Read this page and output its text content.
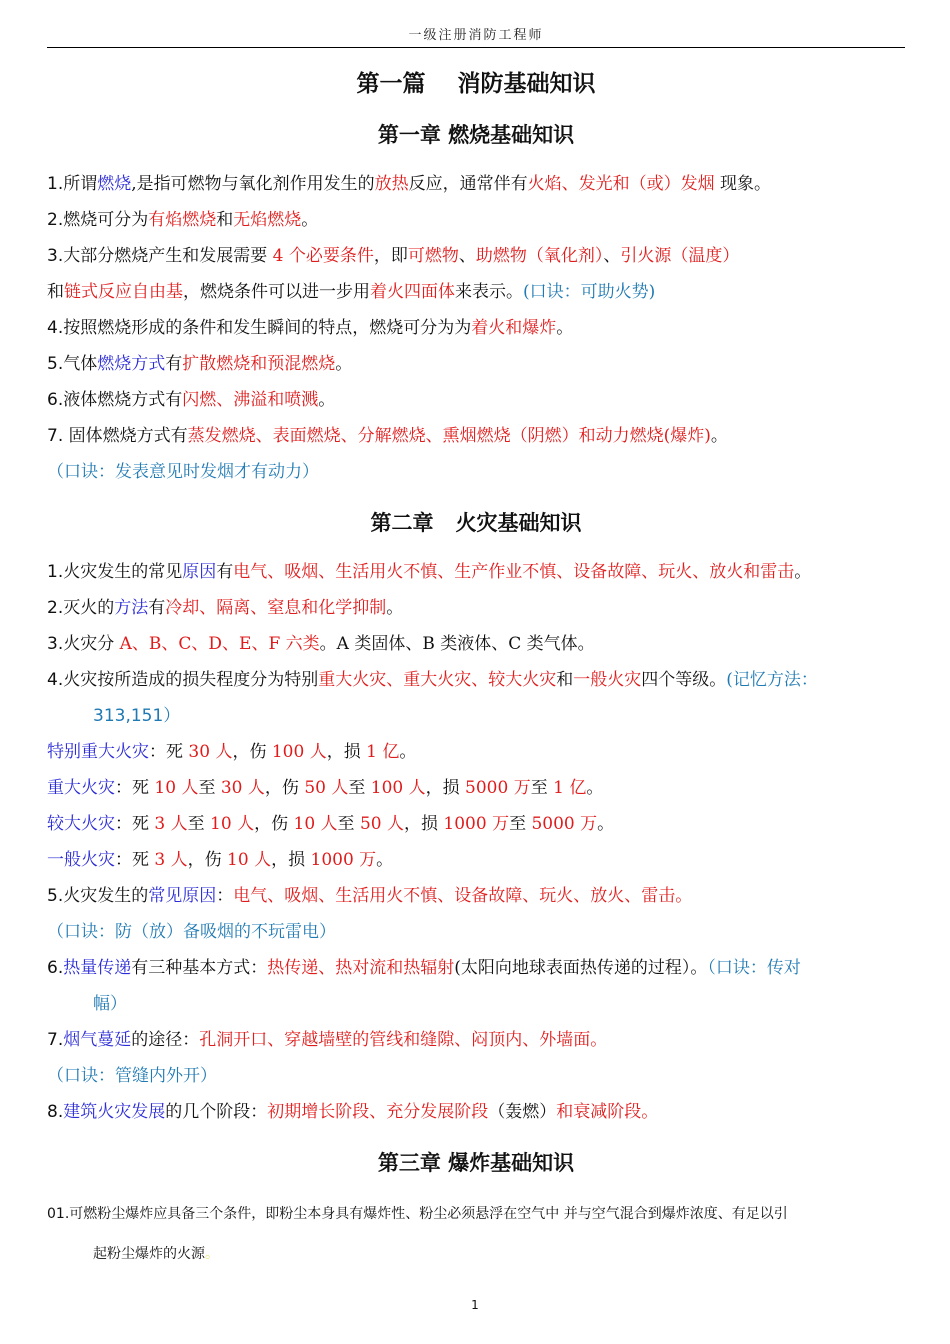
一级注册消防工程师
第一篇    消防基础知识
第一章 燃烧基础知识
1.所谓燃烧,是指可燃物与氧化剂作用发生的放热反应，通常伴有火焰、发光和（或）发烟 现象。
2.燃烧可分为有焰燃烧和无焰燃烧。
3.大部分燃烧产生和发展需要 4 个必要条件，即可燃物、助燃物（氧化剂）、引火源（温度）
和链式反应自由基，燃烧条件可以进一步用着火四面体来表示。(口诀：可助火势)
4.按照燃烧形成的条件和发生瞬间的特点，燃烧可分为为着火和爆炸。
5.气体燃烧方式有扩散燃烧和预混燃烧。
6.液体燃烧方式有闪燃、沸溢和喷溅。
7. 固体燃烧方式有蒸发燃烧、表面燃烧、分解燃烧、熏烟燃烧（阴燃）和动力燃烧(爆炸)。
（口诀：发表意见时发烟才有动力）
第二章   火灾基础知识
1.火灾发生的常见原因有电气、吸烟、生活用火不慎、生产作业不慎、设备故障、玩火、放火和雷击。
2.灭火的方法有冷却、隔离、窒息和化学抑制。
3.火灾分 A、B、C、D、E、F 六类。A 类固体、B 类液体、C 类气体。
4.火灾按所造成的损失程度分为特别重大火灾、重大火灾、较大火灾和一般火灾四个等级。(记忆方法：
313,151）
特别重大火灾：死 30 人，伤 100 人，损 1 亿。
重大火灾：死 10 人至 30 人，伤 50 人至 100 人，损 5000 万至 1 亿。
较大火灾：死 3 人至 10 人，伤 10 人至 50 人，损 1000 万至 5000 万。
一般火灾：死 3 人，伤 10 人，损 1000 万。
5.火灾发生的常见原因：电气、吸烟、生活用火不慎、设备故障、玩火、放火、雷击。
（口诀：防（放）备吸烟的不玩雷电）
6.热量传递有三种基本方式：热传递、热对流和热辐射(太阳向地球表面热传递的过程）。（口诀：传对
幅）
7.烟气蔓延的途径：孔洞开口、穿越墙壁的管线和缝隙、闷顶内、外墙面。
（口诀：管缝内外开）
8.建筑火灾发展的几个阶段：初期增长阶段、充分发展阶段（轰燃）和衰减阶段。
第三章 爆炸基础知识
01.可燃粉尘爆炸应具备三个条件，即粉尘本身具有爆炸性、粉尘必须悬浮在空气中 并与空气混合到爆炸浓度、有足以引
起粉尘爆炸的火源。
1
